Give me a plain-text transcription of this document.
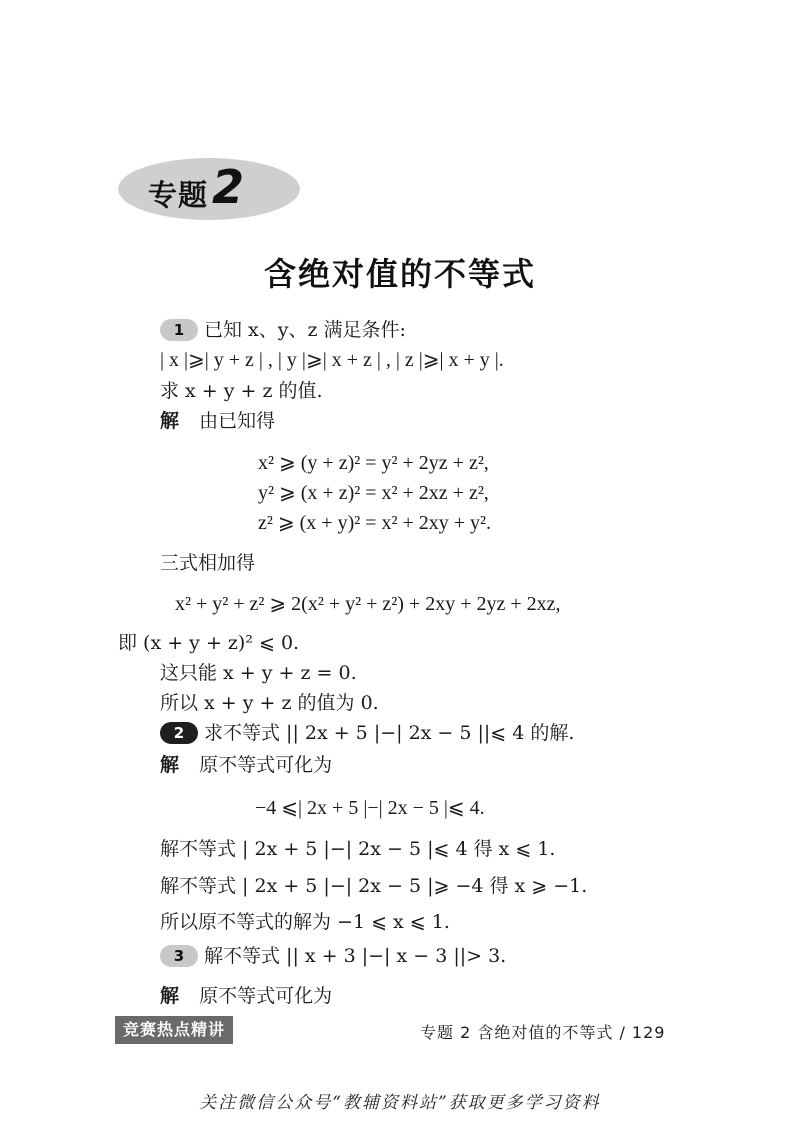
专题 2
含绝对值的不等式
1	已知 x、y、z 满足条件:
| x |⩾| y + z | , | y |⩾| x + z | , | z |⩾| x + y |.
求 x + y + z 的值.
解 由已知得
x² ⩾ (y + z)² = y² + 2yz + z²,
y² ⩾ (x + z)² = x² + 2xz + z²,
z² ⩾ (x + y)² = x² + 2xy + y².
三式相加得
x² + y² + z² ⩾ 2(x² + y² + z²) + 2xy + 2yz + 2xz,
即 (x + y + z)² ⩽ 0.
这只能 x + y + z = 0.
所以 x + y + z 的值为 0.
2	求不等式 || 2x + 5 |−| 2x − 5 ||⩽ 4 的解.
解 原不等式可化为
−4 ⩽| 2x + 5 |−| 2x − 5 |⩽ 4.
解不等式 | 2x + 5 |−| 2x − 5 |⩽ 4 得 x ⩽ 1.
解不等式 | 2x + 5 |−| 2x − 5 |⩾ −4 得 x ⩾ −1.
所以原不等式的解为 −1 ⩽ x ⩽ 1.
3	解不等式 || x + 3 |−| x − 3 ||> 3.
解 原不等式可化为
竞赛热点精讲	专题 2 含绝对值的不等式 / 129
关注微信公众号“教辅资料站”获取更多学习资料
